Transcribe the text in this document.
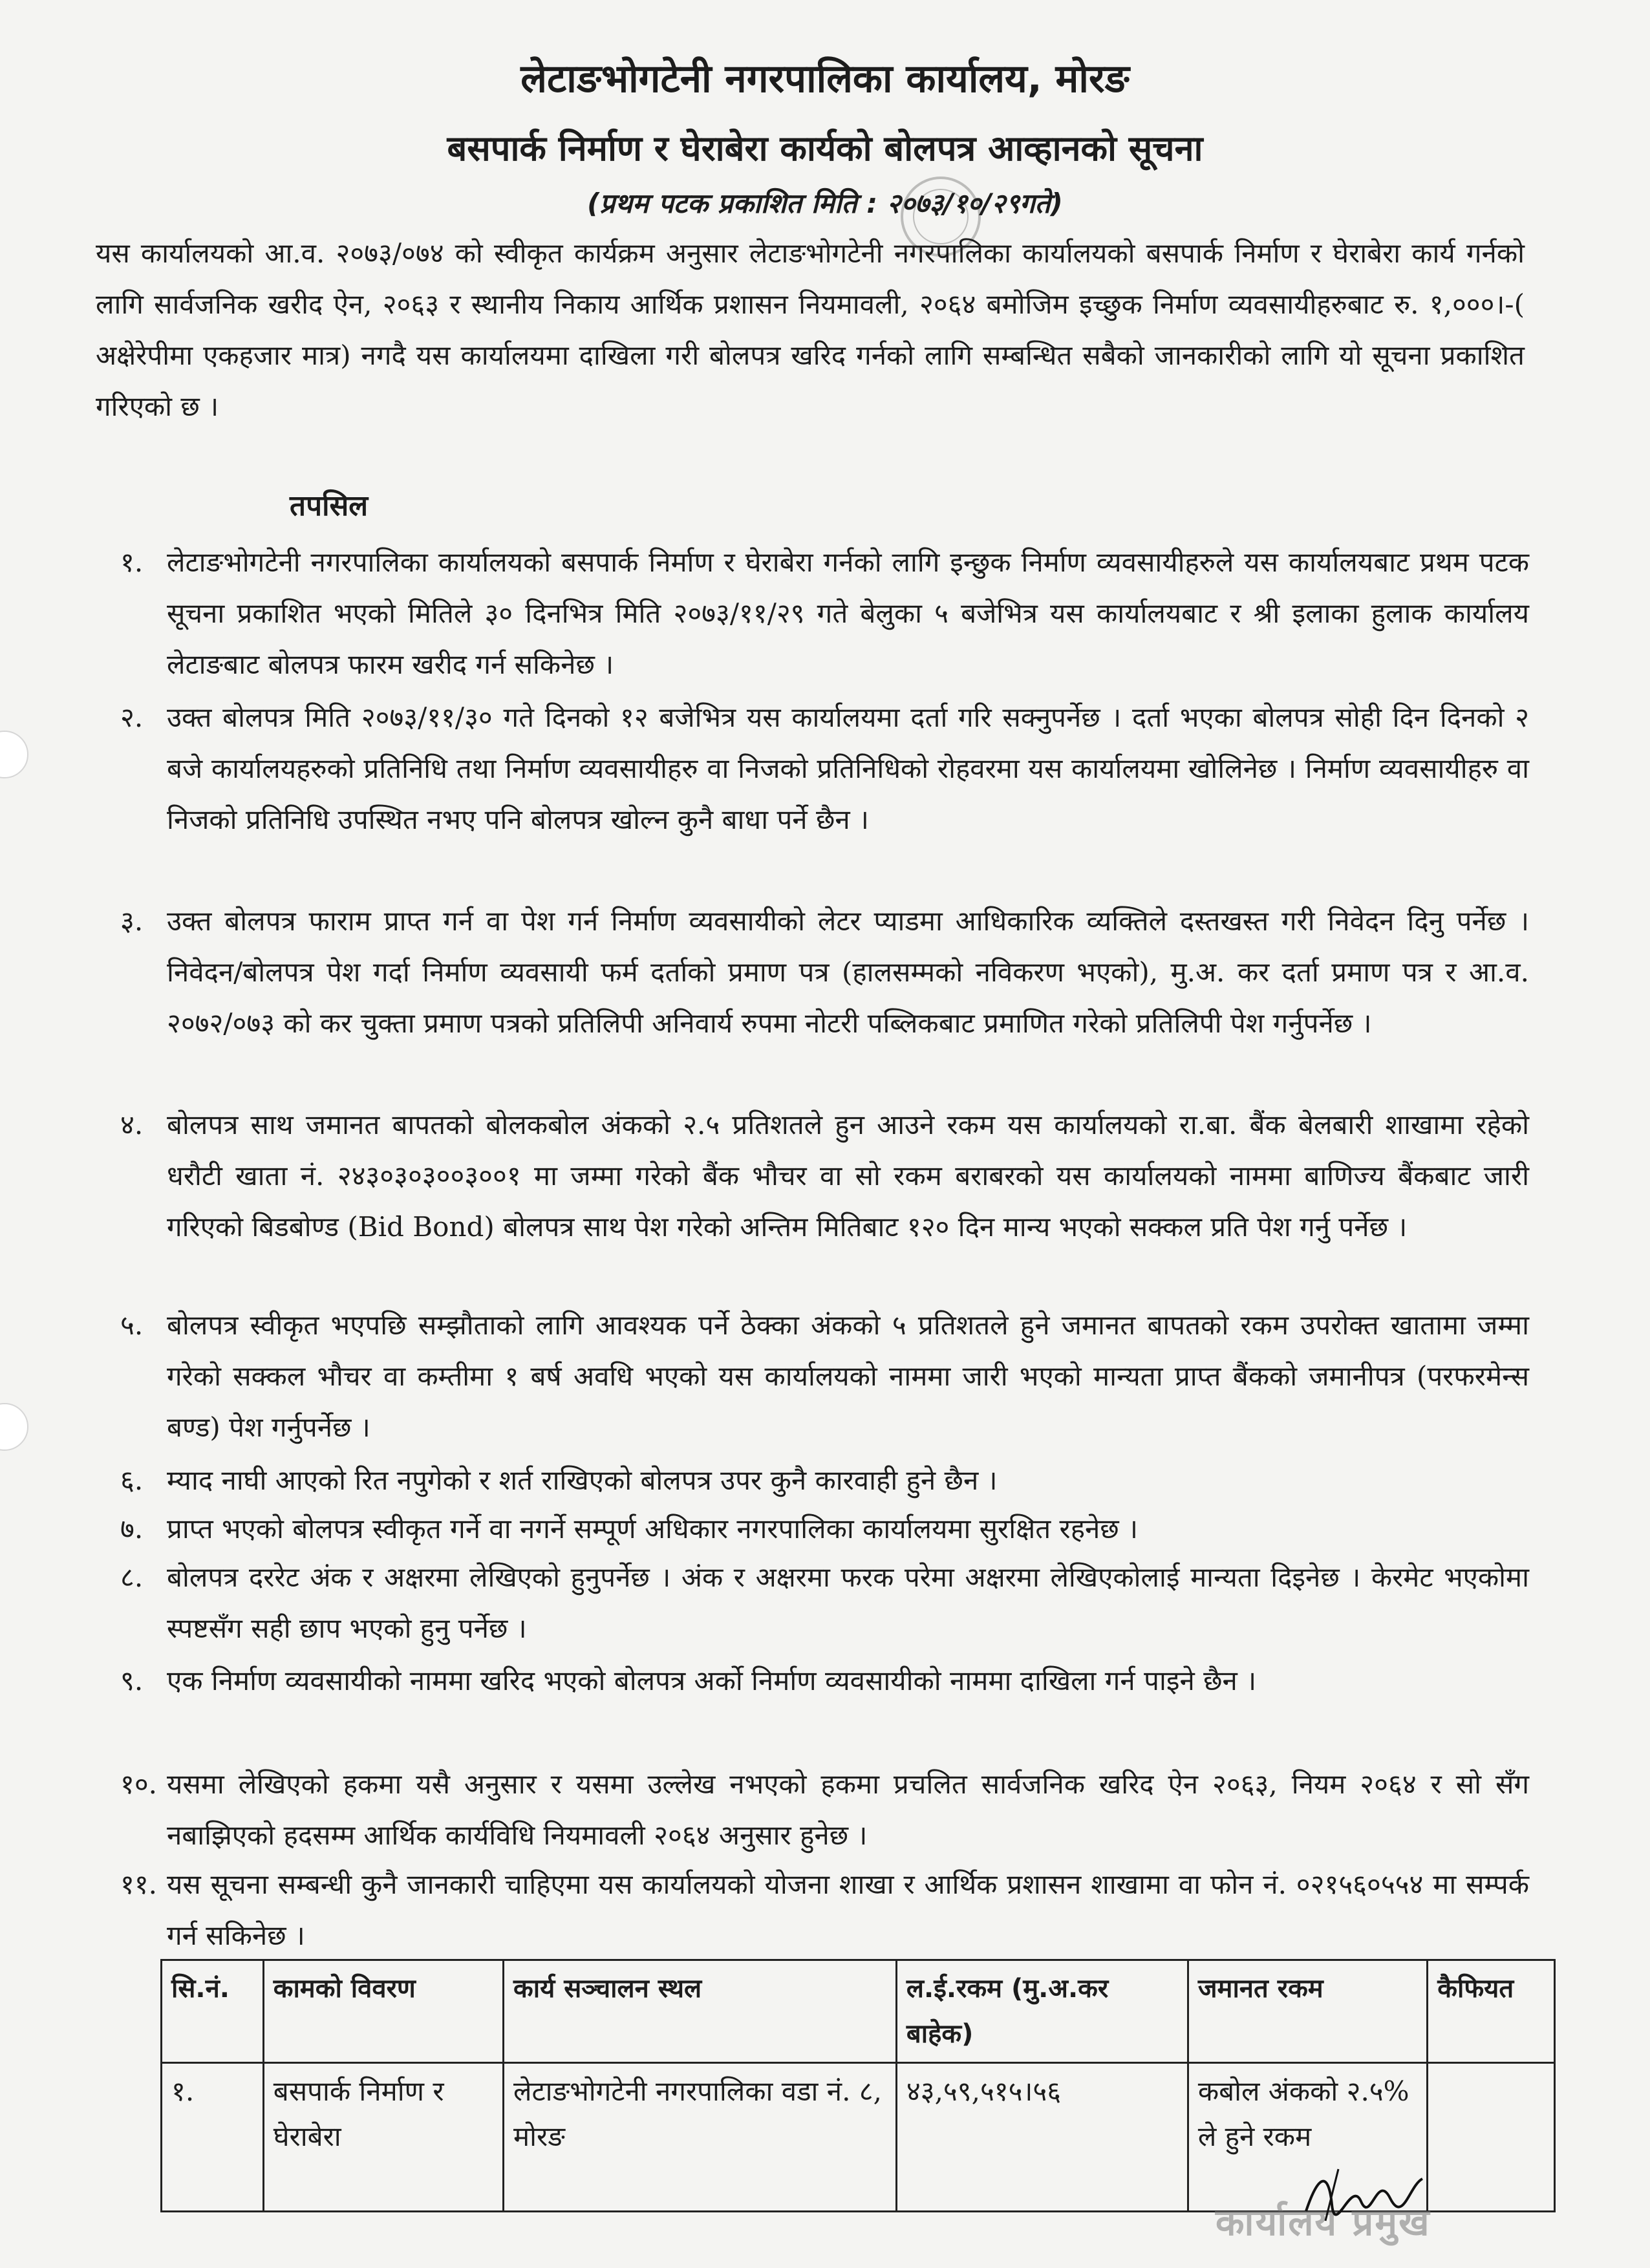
लेटाङभोगटेनी नगरपालिका कार्यालय, मोरङ
बसपार्क निर्माण र घेराबेरा कार्यको बोलपत्र आव्हानको सूचना
(प्रथम पटक प्रकाशित मिति : २०७३/१०/२९गते)

यस कार्यालयको आ.व. २०७३/०७४ को स्वीकृत कार्यक्रम अनुसार लेटाङभोगटेनी नगरपालिका कार्यालयको बसपार्क निर्माण र घेराबेरा कार्य गर्नको लागि सार्वजनिक खरीद ऐन, २०६३ र स्थानीय निकाय आर्थिक प्रशासन नियमावली, २०६४ बमोजिम इच्छुक निर्माण व्यवसायीहरुबाट रु. १,०००।-( अक्षेरेपीमा एकहजार मात्र) नगदै यस कार्यालयमा दाखिला गरी बोलपत्र खरिद गर्नको लागि सम्बन्धित सबैको जानकारीको लागि यो सूचना प्रकाशित गरिएको छ ।

तपसिल
१. लेटाङभोगटेनी नगरपालिका कार्यालयको बसपार्क निर्माण र घेराबेरा गर्नको लागि इन्छुक निर्माण व्यवसायीहरुले यस कार्यालयबाट प्रथम पटक सूचना प्रकाशित भएको मितिले ३० दिनभित्र मिति २०७३/११/२९ गते बेलुका ५ बजेभित्र यस कार्यालयबाट र श्री इलाका हुलाक कार्यालय लेटाङबाट बोलपत्र फारम खरीद गर्न सकिनेछ ।
२. उक्त बोलपत्र मिति २०७३/११/३० गते दिनको १२ बजेभित्र यस कार्यालयमा दर्ता गरि सक्नुपर्नेछ । दर्ता भएका बोलपत्र सोही दिन दिनको २ बजे कार्यालयहरुको प्रतिनिधि तथा निर्माण व्यवसायीहरु वा निजको प्रतिनिधिको रोहवरमा यस कार्यालयमा खोलिनेछ । निर्माण व्यवसायीहरु वा निजको प्रतिनिधि उपस्थित नभए पनि बोलपत्र खोल्न कुनै बाधा पर्ने छैन ।
३. उक्त बोलपत्र फाराम प्राप्त गर्न वा पेश गर्न निर्माण व्यवसायीको लेटर प्याडमा आधिकारिक व्यक्तिले दस्तखस्त गरी निवेदन दिनु पर्नेछ । निवेदन/बोलपत्र पेश गर्दा निर्माण व्यवसायी फर्म दर्ताको प्रमाण पत्र (हालसम्मको नविकरण भएको), मु.अ. कर दर्ता प्रमाण पत्र र आ.व. २०७२/०७३ को कर चुक्ता प्रमाण पत्रको प्रतिलिपी अनिवार्य रुपमा नोटरी पब्लिकबाट प्रमाणित गरेको प्रतिलिपी पेश गर्नुपर्नेछ ।
४. बोलपत्र साथ जमानत बापतको बोलकबोल अंकको २.५ प्रतिशतले हुन आउने रकम यस कार्यालयको रा.बा. बैंक बेलबारी शाखामा रहेको धरौटी खाता नं. २४३०३०३००३००१ मा जम्मा गरेको बैंक भौचर वा सो रकम बराबरको यस कार्यालयको नाममा बाणिज्य बैंकबाट जारी गरिएको बिडबोण्ड (Bid Bond) बोलपत्र साथ पेश गरेको अन्तिम मितिबाट १२० दिन मान्य भएको सक्कल प्रति पेश गर्नु पर्नेछ ।
५. बोलपत्र स्वीकृत भएपछि सम्झौताको लागि आवश्यक पर्ने ठेक्का अंकको ५ प्रतिशतले हुने जमानत बापतको रकम उपरोक्त खातामा जम्मा गरेको सक्कल भौचर वा कम्तीमा १ बर्ष अवधि भएको यस कार्यालयको नाममा जारी भएको मान्यता प्राप्त बैंकको जमानीपत्र (परफरमेन्स बण्ड) पेश गर्नुपर्नेछ ।
६. म्याद नाघी आएको रित नपुगेको र शर्त राखिएको बोलपत्र उपर कुनै कारवाही हुने छैन ।
७. प्राप्त भएको बोलपत्र स्वीकृत गर्ने वा नगर्ने सम्पूर्ण अधिकार नगरपालिका कार्यालयमा सुरक्षित रहनेछ ।
८. बोलपत्र दररेट अंक र अक्षरमा लेखिएको हुनुपर्नेछ । अंक र अक्षरमा फरक परेमा अक्षरमा लेखिएकोलाई मान्यता दिइनेछ । केरमेट भएकोमा स्पष्टसँग सही छाप भएको हुनु पर्नेछ ।
९. एक निर्माण व्यवसायीको नाममा खरिद भएको बोलपत्र अर्को निर्माण व्यवसायीको नाममा दाखिला गर्न पाइने छैन ।
१०. यसमा लेखिएको हकमा यसै अनुसार र यसमा उल्लेख नभएको हकमा प्रचलित सार्वजनिक खरिद ऐन २०६३, नियम २०६४ र सो सँग नबाझिएको हदसम्म आर्थिक कार्यविधि नियमावली २०६४ अनुसार हुनेछ ।
११. यस सूचना सम्बन्धी कुनै जानकारी चाहिएमा यस कार्यालयको योजना शाखा र आर्थिक प्रशासन शाखामा वा फोन नं. ०२१५६०५५४ मा सम्पर्क गर्न सकिनेछ ।
सि.नं.	कामको विवरण	कार्य सञ्चालन स्थल	ल.ई.रकम (मु.अ.कर बाहेक)	जमानत रकम	कैफियत
१.	बसपार्क निर्माण र घेराबेरा	लेटाङभोगटेनी नगरपालिका वडा नं. ८, मोरङ	४३,५९,५१५।५६	कबोल अंकको २.५% ले हुने रकम	
कार्यालय प्रमुख
